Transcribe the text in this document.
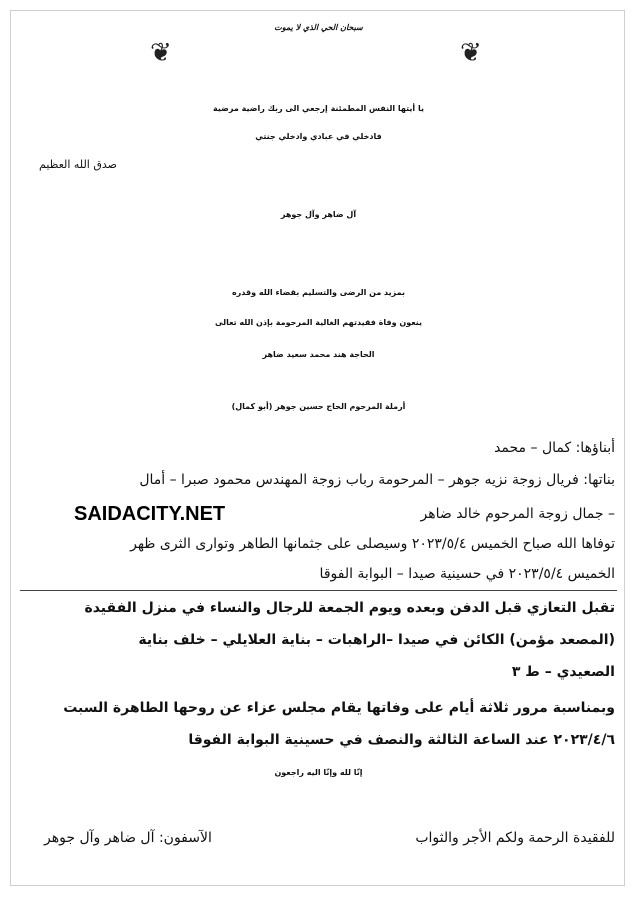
❦	❦
سبحان الحي الذي لا يموت
يا أيتها النفس المطمئنة إرجعي الى ربك راضية مرضية
فادخلي في عبادي وادخلي جنتي
صدق الله العظيم
آل ضاهر وآل جوهر
بمزيد من الرضى والتسليم بقضاء الله وقدره
ينعون وفاة فقيدتهم الغالية المرحومة بإذن الله تعالى
الحاجة هند محمد سعيد ضاهر
أرملة المرحوم الحاج حسين جوهر (أبو كمال)
أبناؤها: كمال – محمد
بناتها: فريال زوجة نزيه جوهر – المرحومة رباب زوجة المهندس محمود صبرا – أمال
– جمال زوجة المرحوم خالد ضاهر
SAIDACITY.NET
توفاها الله صباح الخميس ٢٠٢٣/٥/٤ وسيصلى على جثمانها الطاهر وتوارى الثرى ظهر
الخميس ٢٠٢٣/٥/٤ في حسينية صيدا – البوابة الفوقا
تقبل التعازي قبل الدفن وبعده ويوم الجمعة للرجال والنساء في منزل الفقيدة
(المصعد مؤمن) الكائن في صيدا –الراهبات – بناية العلايلي – خلف بناية
الصعيدي – ط ٣
وبمناسبة مرور ثلاثة أيام على وفاتها يقام مجلس عزاء عن روحها الطاهرة السبت
٢٠٢٣/٤/٦ عند الساعة الثالثة والنصف في حسينية البوابة الفوقا
إنّا لله وإنّا اليه راجعون
للفقيدة الرحمة ولكم الأجر والثواب
الآسفون: آل ضاهر وآل جوهر
